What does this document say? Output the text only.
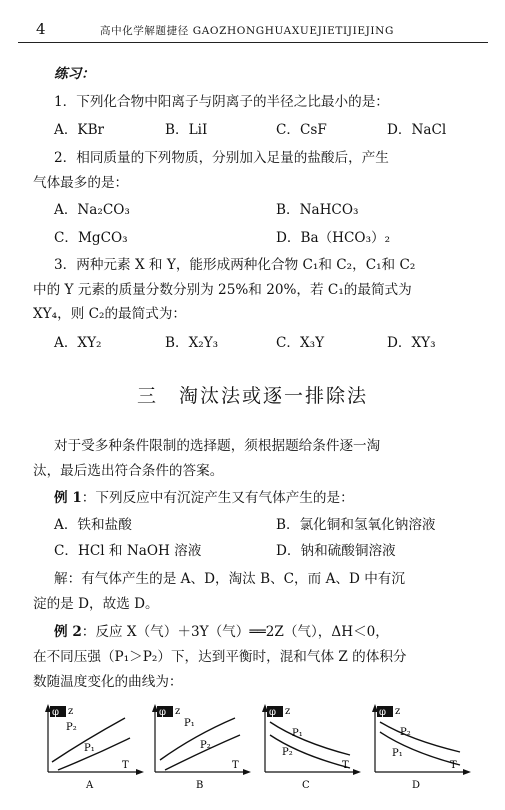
4	高中化学解题捷径 GAOZHONGHUAXUEJIETIJIEJING
练习：
1．下列化合物中阳离子与阴离子的半径之比最小的是：
A．KBr	B．LiI	C．CsF	D．NaCl
2．相同质量的下列物质，分别加入足量的盐酸后，产生
气体最多的是：
A．Na₂CO₃	B．NaHCO₃
C．MgCO₃	D．Ba（HCO₃）₂
3．两种元素 X 和 Y，能形成两种化合物 C₁和 C₂，C₁和 C₂
中的 Y 元素的质量分数分别为 25%和 20%，若 C₁的最简式为
XY₄，则 C₂的最简式为：
A．XY₂	B．X₂Y₃	C．X₃Y	D．XY₃
三　淘汰法或逐一排除法
对于受多种条件限制的选择题，须根据题给条件逐一淘
汰，最后选出符合条件的答案。
例 1：下列反应中有沉淀产生又有气体产生的是：
A．铁和盐酸	B．氯化铜和氢氧化钠溶液
C．HCl 和 NaOH 溶液	D．钠和硫酸铜溶液
解：有气体产生的是 A、D，淘汰 B、C，而 A、D 中有沉
淀的是 D，故选 D。
例 2：反应 X（气）＋3Y（气）══2Z（气），ΔH＜0，
在不同压强（P₁＞P₂）下，达到平衡时，混和气体 Z 的体积分
数随温度变化的曲线为：
φ z
P₂
P₁
T
A
φ z
P₁
P₂
T
B
φ z
P₁
P₂
T
C
φ z
P₂
P₁
T
D
